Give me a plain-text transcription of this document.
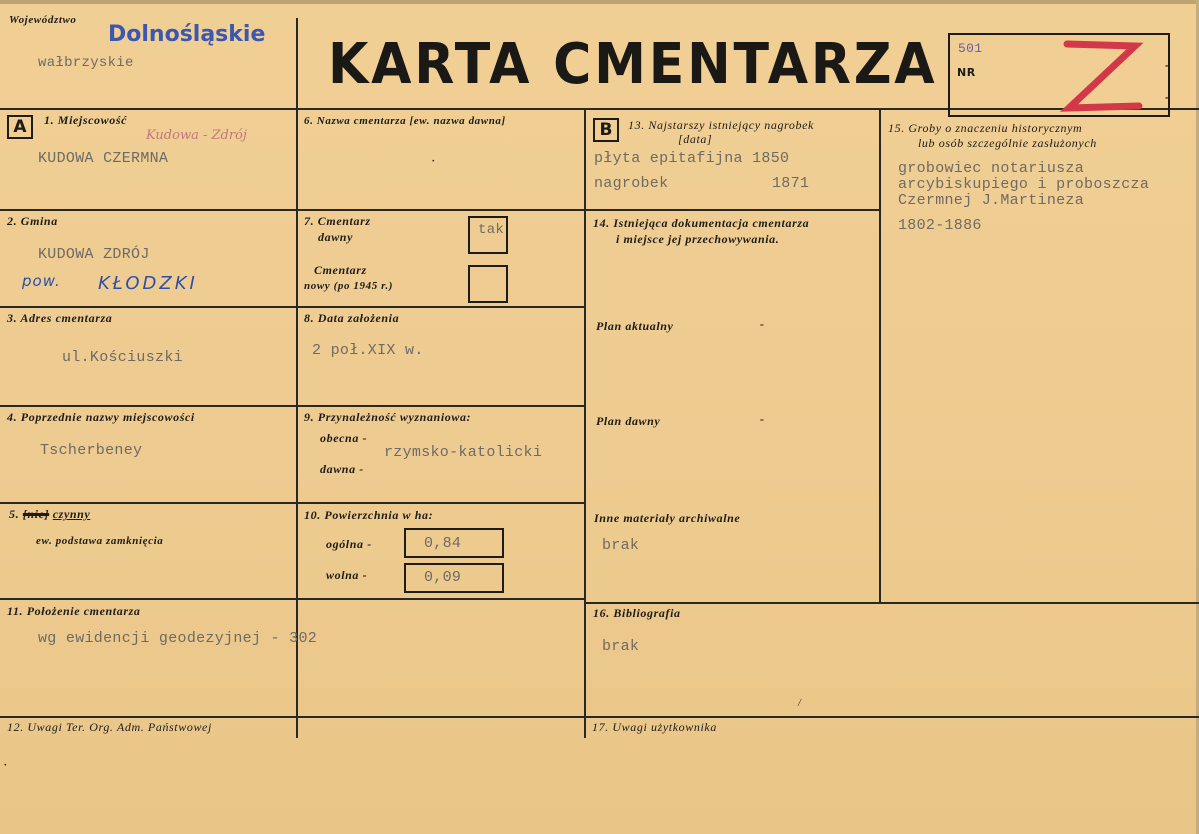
Województwo
Dolnośląskie
wałbrzyskie	KARTA CMENTARZA 501
NR	-
-
A	1. Miejscowość
Kudowa - Zdrój
KUDOWA CZERMNA
2. Gmina
KUDOWA ZDRÓJ
pow. KŁODZKI
3. Adres cmentarza
ul.Kościuszki
4. Poprzednie nazwy miejscowości
Tscherbeney
5. [nie] czynny
ew. podstawa zamknięcia
6. Nazwa cmentarza [ew. nazwa dawna]
·
7. Cmentarz
dawny	tak
Cmentarz
nowy (po 1945 r.)
8. Data założenia
2 poł.XIX w.
9. Przynależność wyznaniowa:
obecna -
rzymsko-katolicki
dawna -
10. Powierzchnia w ha:
ogólna -	0,84
wolna -	0,09
11. Położenie cmentarza
wg ewidencji geodezyjnej - 302
12. Uwagi Ter. Org. Adm. Państwowej
·
B	13. Najstarszy istniejący nagrobek
[data]
płyta epitafijna 1850
nagrobek	1871
14. Istniejąca dokumentacja cmentarza
i miejsce jej przechowywania.
Plan aktualny	-
Plan dawny	-
Inne materiały archiwalne
brak
15. Groby o znaczeniu historycznym
lub osób szczególnie zasłużonych
grobowiec notariusza
arcybiskupiego i proboszcza
Czermnej J.Martineza
1802-1886
16. Bibliografia
brak
/
17. Uwagi użytkownika
